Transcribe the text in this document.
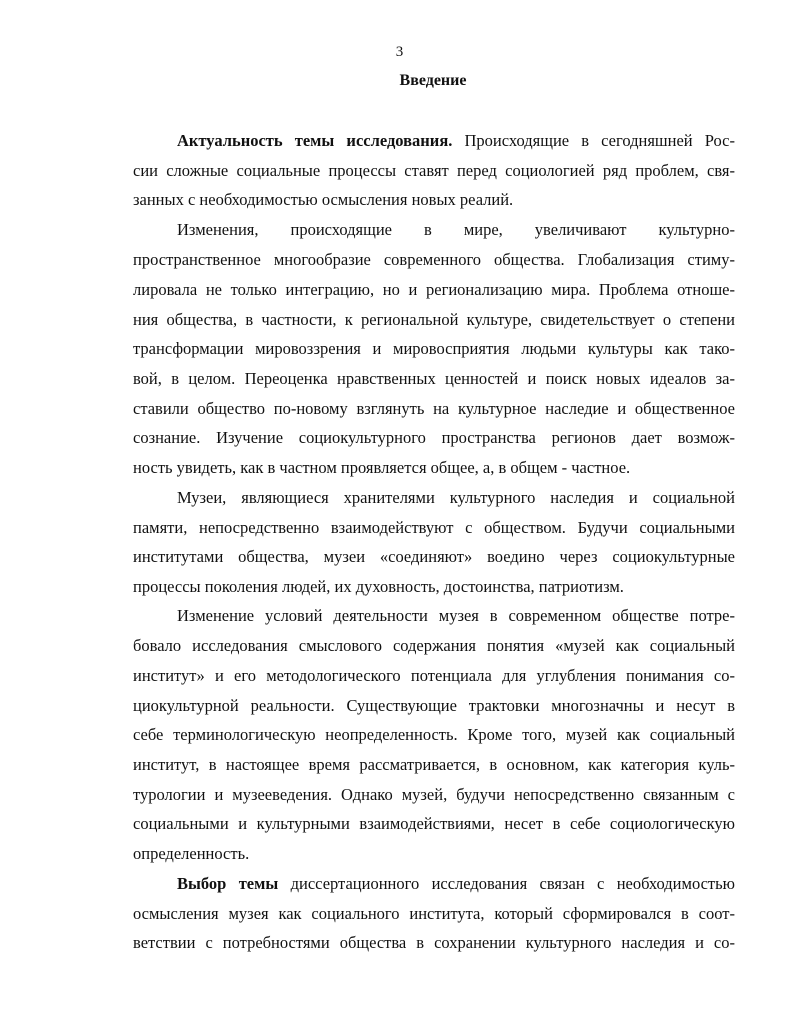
3
Введение
Актуальность темы исследования. Происходящие в сегодняшней Рос-
сии сложные социальные процессы ставят перед социологией ряд проблем, свя-
занных с необходимостью осмысления новых реалий.
Изменения, происходящие в мире, увеличивают культурно-
пространственное многообразие современного общества. Глобализация стиму-
лировала не только интеграцию, но и регионализацию мира. Проблема отноше-
ния общества, в частности, к региональной культуре, свидетельствует о степени
трансформации мировоззрения и мировосприятия людьми культуры как тако-
вой, в целом. Переоценка нравственных ценностей и поиск новых идеалов за-
ставили общество по-новому взглянуть на культурное наследие и общественное
сознание. Изучение социокультурного пространства регионов дает возмож-
ность увидеть, как в частном проявляется общее, а, в общем - частное.
Музеи, являющиеся хранителями культурного наследия и социальной
памяти, непосредственно взаимодействуют с обществом. Будучи социальными
институтами общества, музеи «соединяют» воедино через социокультурные
процессы поколения людей, их духовность, достоинства, патриотизм.
Изменение условий деятельности музея в современном обществе потре-
бовало исследования смыслового содержания понятия «музей как социальный
институт» и его методологического потенциала для углубления понимания со-
циокультурной реальности. Существующие трактовки многозначны и несут в
себе терминологическую неопределенность. Кроме того, музей как социальный
институт, в настоящее время рассматривается, в основном, как категория куль-
турологии и музееведения. Однако музей, будучи непосредственно связанным с
социальными и культурными взаимодействиями, несет в себе социологическую
определенность.
Выбор темы диссертационного исследования связан с необходимостью
осмысления музея как социального института, который сформировался в соот-
ветствии с потребностями общества в сохранении культурного наследия и со-
